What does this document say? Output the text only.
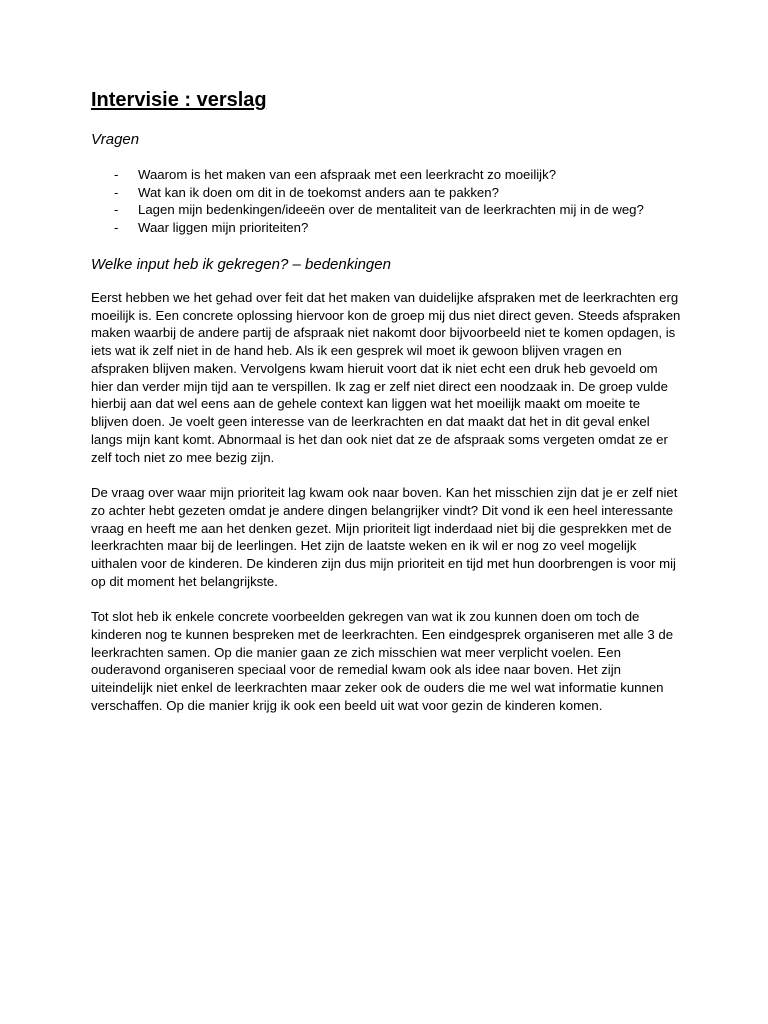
Intervisie : verslag
Vragen
- Waarom is het maken van een afspraak met een leerkracht zo moeilijk?
- Wat kan ik doen om dit in de toekomst anders aan te pakken?
- Lagen mijn bedenkingen/ideeën over de mentaliteit van de leerkrachten mij in de weg?
- Waar liggen mijn prioriteiten?
Welke input heb ik gekregen? – bedenkingen

Eerst hebben we het gehad over feit dat het maken van duidelijke afspraken met de leerkrachten erg moeilijk is. Een concrete oplossing hiervoor kon de groep mij dus niet direct geven. Steeds afspraken maken waarbij de andere partij de afspraak niet nakomt door bijvoorbeeld niet te komen opdagen, is iets wat ik zelf niet in de hand heb. Als ik een gesprek wil moet ik gewoon blijven vragen en afspraken blijven maken. Vervolgens kwam hieruit voort dat ik niet echt een druk heb gevoeld om hier dan verder mijn tijd aan te verspillen. Ik zag er zelf niet direct een noodzaak in. De groep vulde hierbij aan dat wel eens aan de gehele context kan liggen wat het moeilijk maakt om moeite te blijven doen. Je voelt geen interesse van de leerkrachten en dat maakt dat het in dit geval enkel langs mijn kant komt. Abnormaal is het dan ook niet dat ze de afspraak soms vergeten omdat ze er zelf toch niet zo mee bezig zijn.

De vraag over waar mijn prioriteit lag kwam ook naar boven. Kan het misschien zijn dat je er zelf niet zo achter hebt gezeten omdat je andere dingen belangrijker vindt? Dit vond ik een heel interessante vraag en heeft me aan het denken gezet. Mijn prioriteit ligt inderdaad niet bij die gesprekken met de leerkrachten maar bij de leerlingen. Het zijn de laatste weken en ik wil er nog zo veel mogelijk uithalen voor de kinderen. De kinderen zijn dus mijn prioriteit en tijd met hun doorbrengen is voor mij op dit moment het belangrijkste.

Tot slot heb ik enkele concrete voorbeelden gekregen van wat ik zou kunnen doen om toch de kinderen nog te kunnen bespreken met de leerkrachten. Een eindgesprek organiseren met alle 3 de leerkrachten samen. Op die manier gaan ze zich misschien wat meer verplicht voelen. Een ouderavond organiseren speciaal voor de remedial kwam ook als idee naar boven. Het zijn uiteindelijk niet enkel de leerkrachten maar zeker ook de ouders die me wel wat informatie kunnen verschaffen. Op die manier krijg ik ook een beeld uit wat voor gezin de kinderen komen.
